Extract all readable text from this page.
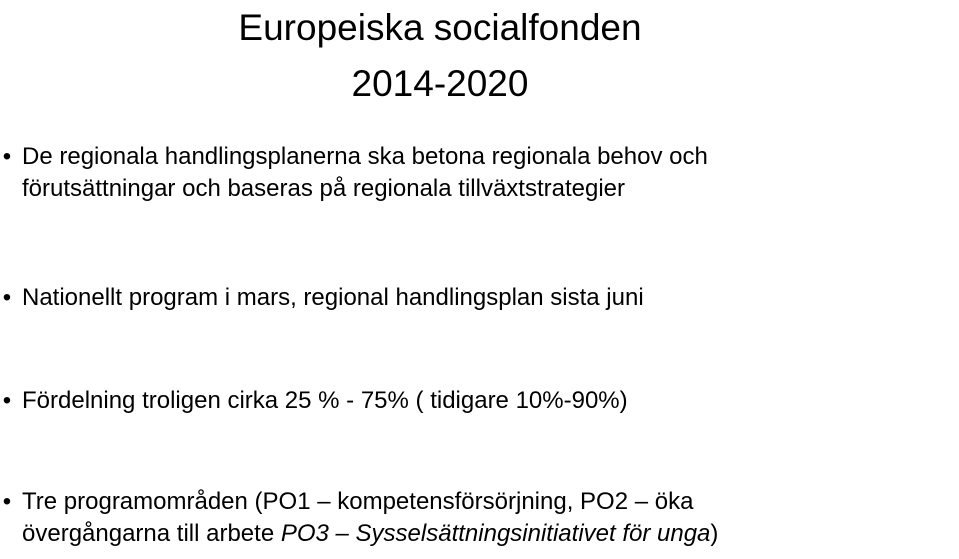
Europeiska socialfonden
2014-2020
• De regionala handlingsplanerna ska betona regionala behov och
förutsättningar och baseras på regionala tillväxtstrategier
• Nationellt program i mars, regional handlingsplan sista juni
• Fördelning troligen cirka 25 % - 75% ( tidigare 10%-90%)
• Tre programområden (PO1 – kompetensförsörjning, PO2 – öka
övergångarna till arbete PO3 – Sysselsättningsinitiativet för unga)
